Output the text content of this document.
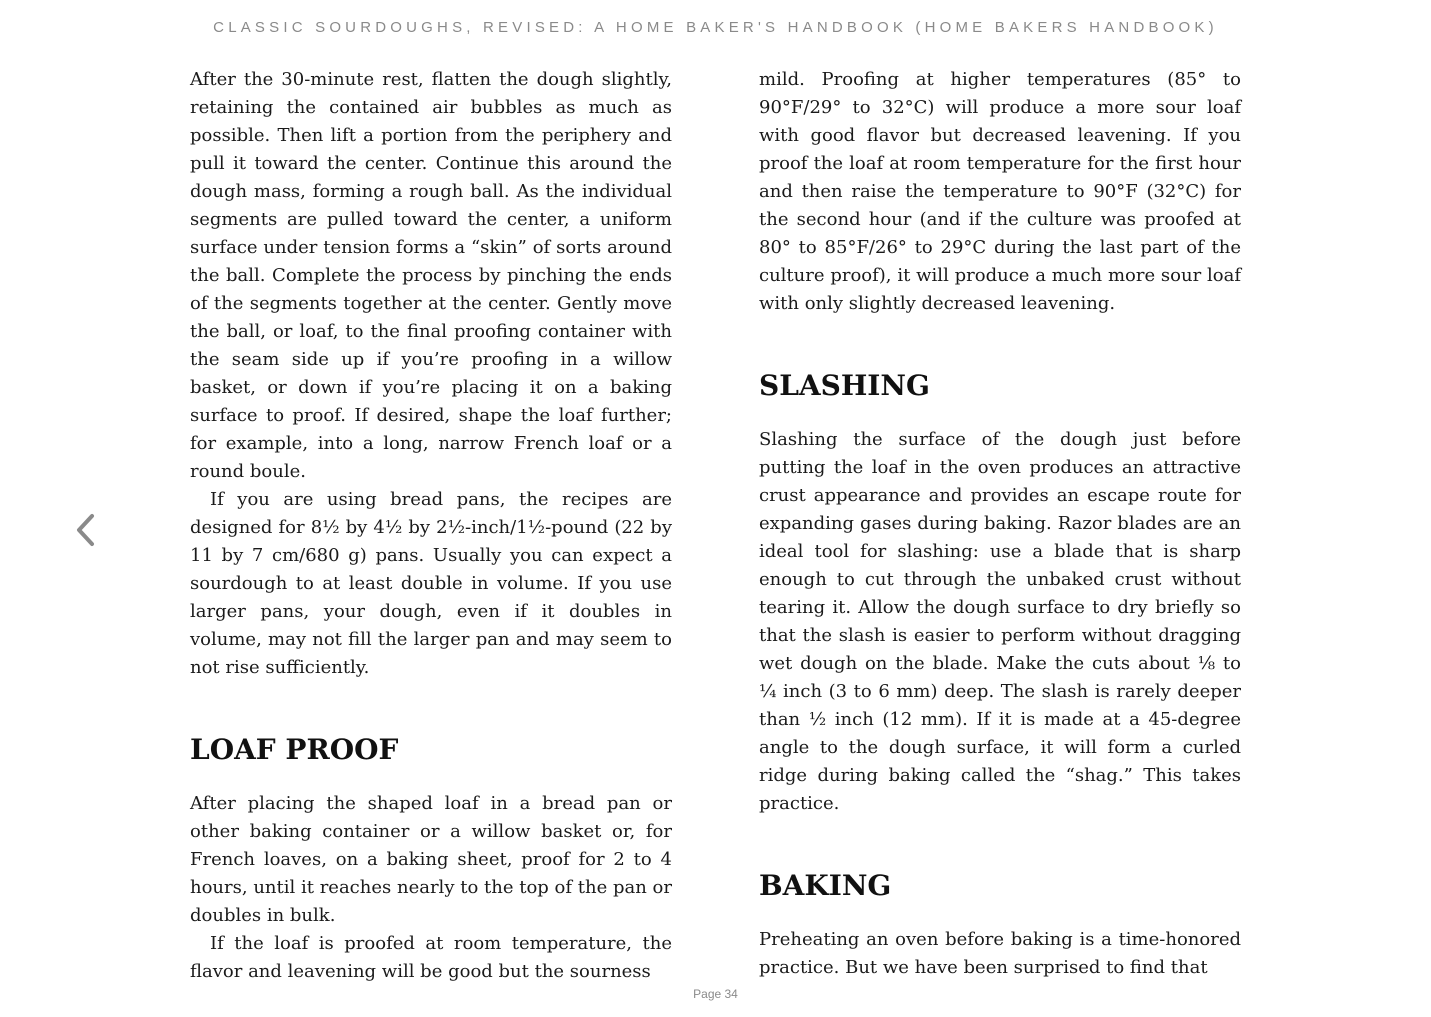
CLASSIC SOURDOUGHS, REVISED: A HOME BAKER'S HANDBOOK (HOME BAKERS HANDBOOK)

After the 30-minute rest, flatten the dough slightly, retaining the contained air bubbles as much as possible. Then lift a portion from the periphery and pull it toward the center. Continue this around the dough mass, forming a rough ball. As the individual segments are pulled toward the center, a uniform surface under tension forms a “skin” of sorts around the ball. Complete the process by pinching the ends of the segments together at the center. Gently move the ball, or loaf, to the final proofing container with the seam side up if you’re proofing in a willow basket, or down if you’re placing it on a baking surface to proof. If desired, shape the loaf further; for example, into a long, narrow French loaf or a round boule.

If you are using bread pans, the recipes are designed for 8½ by 4½ by 2½-inch/1½-pound (22 by 11 by 7 cm/680 g) pans. Usually you can expect a sourdough to at least double in volume. If you use larger pans, your dough, even if it doubles in volume, may not fill the larger pan and may seem to not rise sufficiently.

LOAF PROOF

After placing the shaped loaf in a bread pan or other baking container or a willow basket or, for French loaves, on a baking sheet, proof for 2 to 4 hours, until it reaches nearly to the top of the pan or doubles in bulk.

If the loaf is proofed at room temperature, the flavor and leavening will be good but the sourness

mild. Proofing at higher temperatures (85° to 90°F/29° to 32°C) will produce a more sour loaf with good flavor but decreased leavening. If you proof the loaf at room temperature for the first hour and then raise the temperature to 90°F (32°C) for the second hour (and if the culture was proofed at 80° to 85°F/26° to 29°C during the last part of the culture proof), it will produce a much more sour loaf with only slightly decreased leavening.

SLASHING

Slashing the surface of the dough just before putting the loaf in the oven produces an attractive crust appearance and provides an escape route for expanding gases during baking. Razor blades are an ideal tool for slashing: use a blade that is sharp enough to cut through the unbaked crust without tearing it. Allow the dough surface to dry briefly so that the slash is easier to perform without dragging wet dough on the blade. Make the cuts about ⅛ to ¼ inch (3 to 6 mm) deep. The slash is rarely deeper than ½ inch (12 mm). If it is made at a 45-degree angle to the dough surface, it will form a curled ridge during baking called the “shag.” This takes practice.

BAKING

Preheating an oven before baking is a time-honored practice. But we have been surprised to find that

Page 34
